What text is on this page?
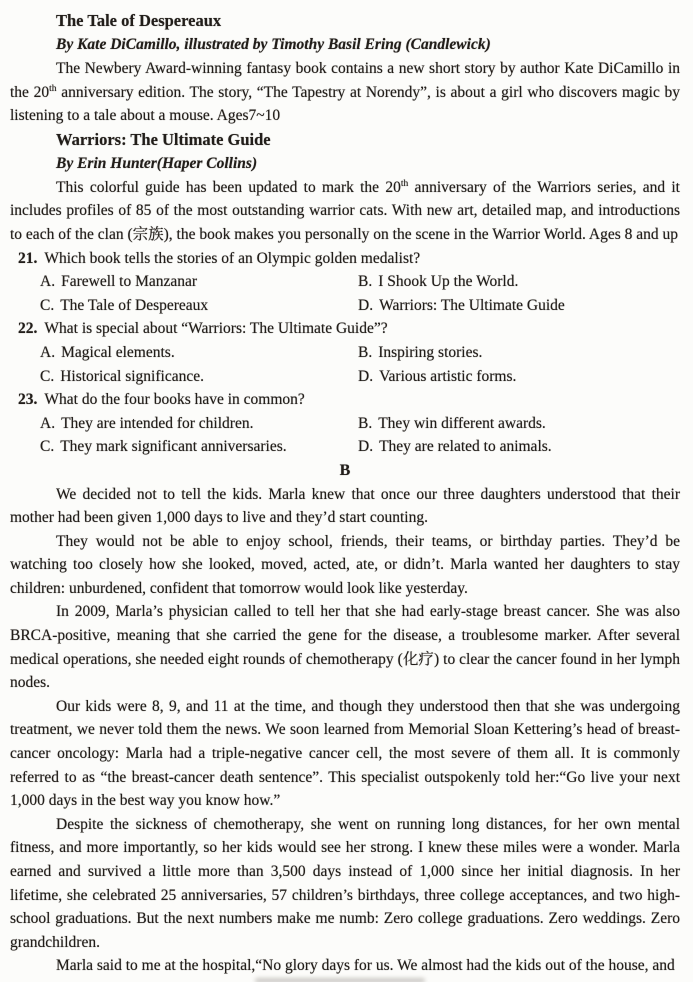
The Tale of Despereaux

By Kate DiCamillo, illustrated by Timothy Basil Ering (Candlewick)

The Newbery Award-winning fantasy book contains a new short story by author Kate DiCamillo in the 20th anniversary edition. The story, “The Tapestry at Norendy”, is about a girl who discovers magic by listening to a tale about a mouse. Ages7~10

Warriors: The Ultimate Guide

By Erin Hunter(Haper Collins)

This colorful guide has been updated to mark the 20th anniversary of the Warriors series, and it includes profiles of 85 of the most outstanding warrior cats. With new art, detailed map, and introductions to each of the clan (宗族), the book makes you personally on the scene in the Warrior World. Ages 8 and up

21. Which book tells the stories of an Olympic golden medalist?

A. Farewell to Manzanar	B. I Shook Up the World.
C. The Tale of Despereaux	D. Warriors: The Ultimate Guide

22. What is special about “Warriors: The Ultimate Guide”?

A. Magical elements.	B. Inspiring stories.
C. Historical significance.	D. Various artistic forms.

23. What do the four books have in common?

A. They are intended for children.	B. They win different awards.
C. They mark significant anniversaries.	D. They are related to animals.

B

We decided not to tell the kids. Marla knew that once our three daughters understood that their mother had been given 1,000 days to live and they’d start counting.

They would not be able to enjoy school, friends, their teams, or birthday parties. They’d be watching too closely how she looked, moved, acted, ate, or didn’t. Marla wanted her daughters to stay children: unburdened, confident that tomorrow would look like yesterday.

In 2009, Marla’s physician called to tell her that she had early-stage breast cancer. She was also BRCA-positive, meaning that she carried the gene for the disease, a troublesome marker. After several medical operations, she needed eight rounds of chemotherapy (化疗) to clear the cancer found in her lymph nodes.

Our kids were 8, 9, and 11 at the time, and though they understood then that she was undergoing treatment, we never told them the news. We soon learned from Memorial Sloan Kettering’s head of breast-cancer oncology: Marla had a triple-negative cancer cell, the most severe of them all. It is commonly referred to as “the breast-cancer death sentence”. This specialist outspokenly told her:“Go live your next 1,000 days in the best way you know how.”

Despite the sickness of chemotherapy, she went on running long distances, for her own mental fitness, and more importantly, so her kids would see her strong. I knew these miles were a wonder. Marla earned and survived a little more than 3,500 days instead of 1,000 since her initial diagnosis. In her lifetime, she celebrated 25 anniversaries, 57 children’s birthdays, three college acceptances, and two high-school graduations. But the next numbers make me numb: Zero college graduations. Zero weddings. Zero grandchildren.

Marla said to me at the hospital,“No glory days for us. We almost had the kids out of the house, and
